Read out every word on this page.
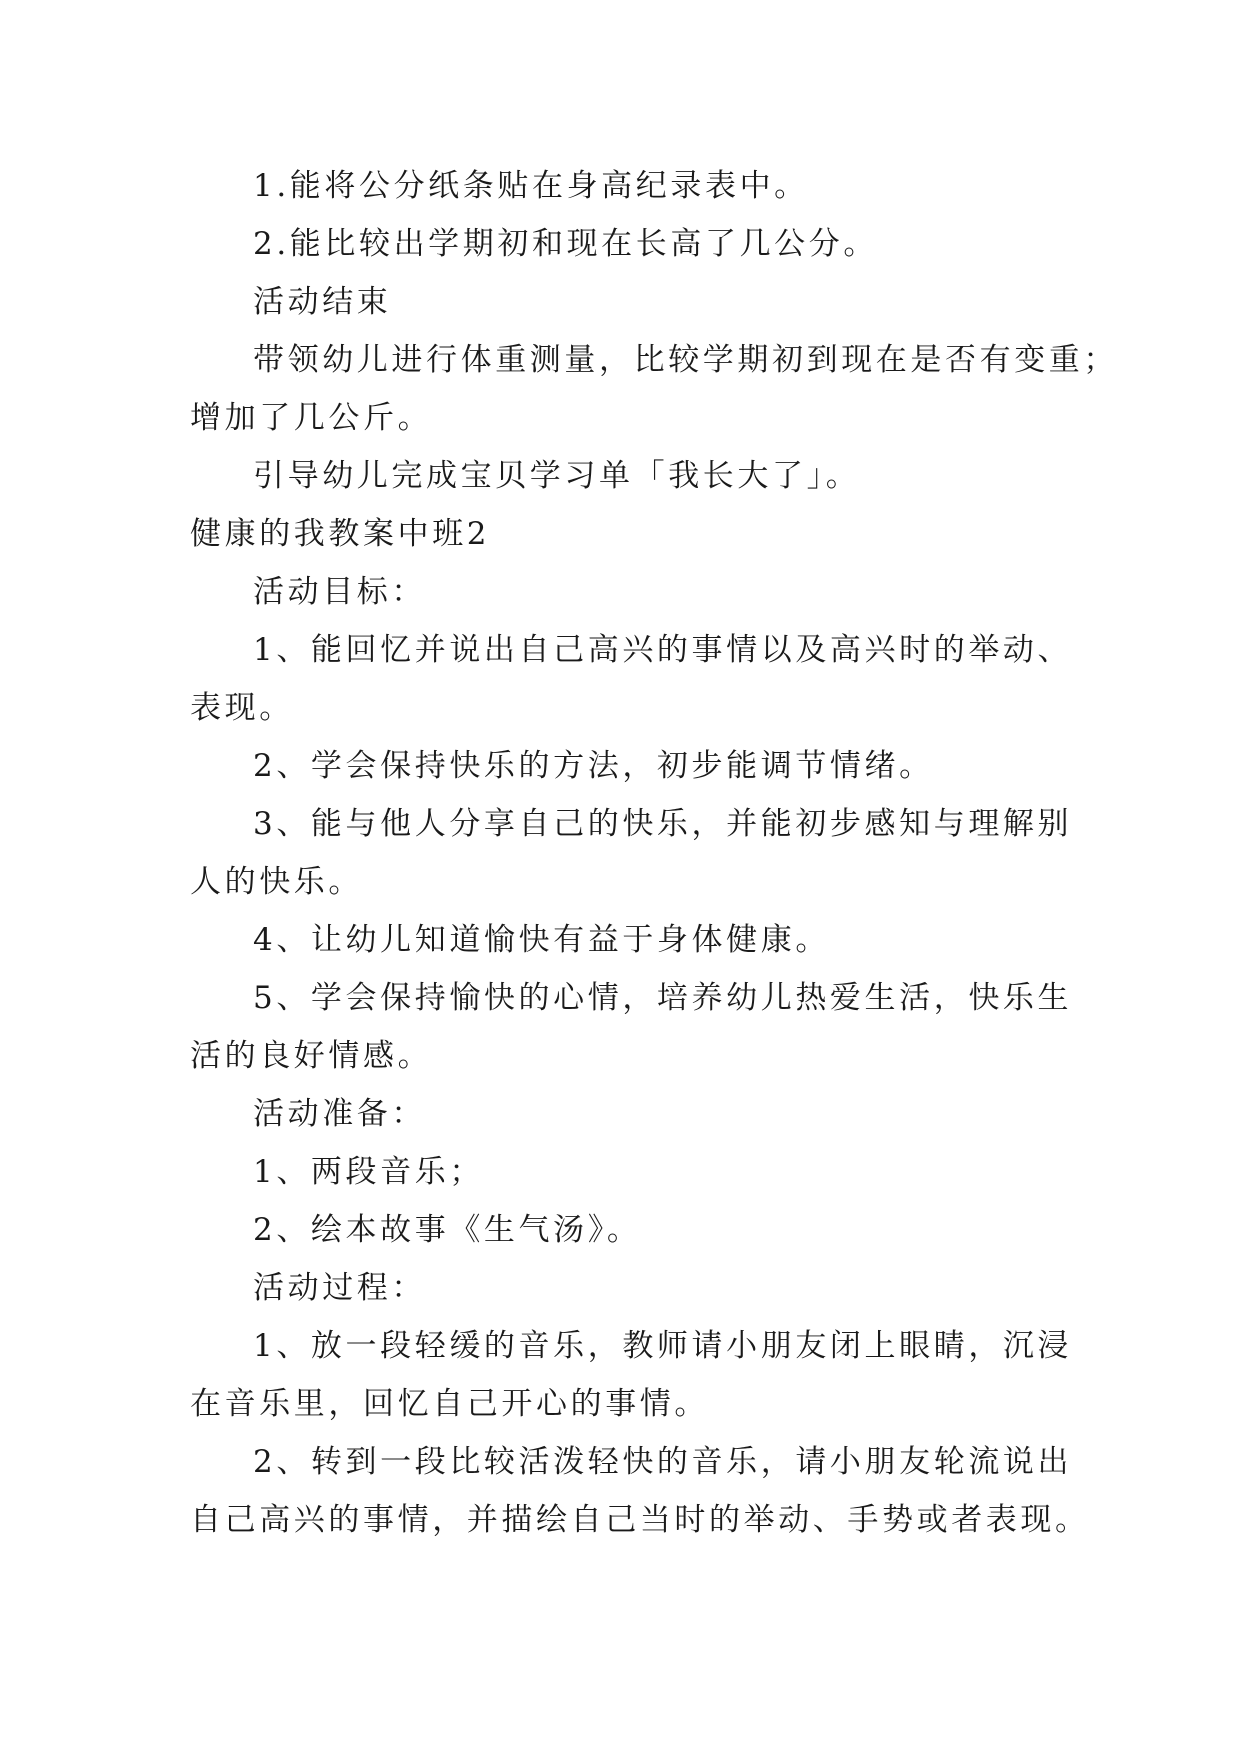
1.能将公分纸条贴在身高纪录表中。
2.能比较出学期初和现在长高了几公分。
活动结束
带领幼儿进行体重测量，比较学期初到现在是否有变重；
增加了几公斤。
引导幼儿完成宝贝学习单「我长大了」。
健康的我教案中班2
活动目标：
1、能回忆并说出自己高兴的事情以及高兴时的举动、
表现。
2、学会保持快乐的方法，初步能调节情绪。
3、能与他人分享自己的快乐，并能初步感知与理解别
人的快乐。
4、让幼儿知道愉快有益于身体健康。
5、学会保持愉快的心情，培养幼儿热爱生活，快乐生
活的良好情感。
活动准备：
1、两段音乐；
2、绘本故事《生气汤》。
活动过程：
1、放一段轻缓的音乐，教师请小朋友闭上眼睛，沉浸
在音乐里，回忆自己开心的事情。
2、转到一段比较活泼轻快的音乐，请小朋友轮流说出
自己高兴的事情，并描绘自己当时的举动、手势或者表现。
